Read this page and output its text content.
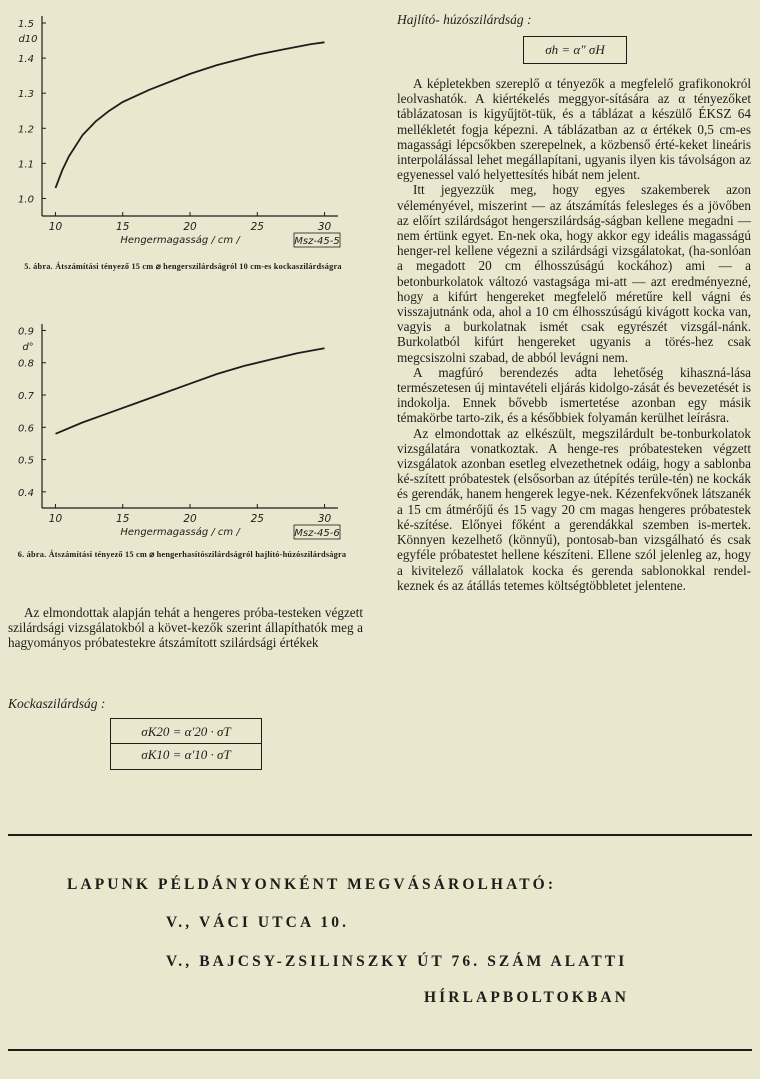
1.0
1.1
1.2
1.3
1.4
1.5
d10
10	15	20	25	30
Hengermagasság / cm /	Msz-45-5
5. ábra. Átszámítási tényező 15 cm ⌀ hengerszilárdságról 10 cm-es kockaszilárdságra
0.4
0.5
0.6
0.7
0.8
0.9
d°
10	15	20	25	30
Hengermagasság / cm /	Msz-45-6
6. ábra. Átszámítási tényező 15 cm ⌀ hengerhasítószilárdságról hajlító-húzószilárdságra

Az elmondottak alapján tehát a hengeres próba-testeken végzett szilárdsági vizsgálatokból a követ-kezők szerint állapíthatók meg a hagyományos próbatestekre átszámított szilárdsági értékek

Kockaszilárdság :
σK20 = α′20 · σT
σK10 = α′10 · σT
Hajlító- húzószilárdság :
σh = α″ σH

A képletekben szereplő α tényezők a megfelelő grafikonokról leolvashatók. A kiértékelés meggyor-sítására az α tényezőket táblázatosan is kigyűjtöt-tük, és a táblázat a készülő ÉKSZ 64 mellékletét fogja képezni. A táblázatban az α értékek 0,5 cm-es magassági lépcsőkben szerepelnek, a közbenső érté-keket lineáris interpolálással lehet megállapítani, ugyanis ilyen kis távolságon az egyenessel való helyettesítés hibát nem jelent.

Itt jegyezzük meg, hogy egyes szakemberek azon véleményével, miszerint — az átszámítás felesleges és a jövőben az előírt szilárdságot hengerszilárdság-ságban kellene megadni — nem értünk egyet. En-nek oka, hogy akkor egy ideális magasságú henger-rel kellene végezni a szilárdsági vizsgálatokat, (ha-sonlóan a megadott 20 cm élhosszúságú kockához) ami — a betonburkolatok változó vastagsága mi-att — azt eredményezné, hogy a kifúrt hengereket megfelelő méretűre kell vágni és visszajutnánk oda, ahol a 10 cm élhosszúságú kivágott kocka van, vagyis a burkolatnak ismét csak egyrészét vizsgál-nánk. Burkolatból kifúrt hengereket ugyanis a törés-hez csak megcsiszolni szabad, de abból levágni nem.

A magfúró berendezés adta lehetőség kihaszná-lása természetesen új mintavételi eljárás kidolgo-zását és bevezetését is indokolja. Ennek bővebb ismertetése azonban egy másik témakörbe tarto-zik, és a későbbiek folyamán kerülhet leírásra.

Az elmondottak az elkészült, megszilárdult be-tonburkolatok vizsgálatára vonatkoztak. A henge-res próbatesteken végzett vizsgálatok azonban esetleg elvezethetnek odáig, hogy a sablonba ké-szített próbatestek (elsősorban az útépítés terüle-tén) ne kockák és gerendák, hanem hengerek legye-nek. Kézenfekvőnek látszanék a 15 cm átmérőjű és 15 vagy 20 cm magas hengeres próbatestek ké-szítése. Előnyei főként a gerendákkal szemben is-mertek. Könnyen kezelhető (könnyű), pontosab-ban vizsgálható és csak egyféle próbatestet hellene készíteni. Ellene szól jelenleg az, hogy a kivitelező vállalatok kocka és gerenda sablonokkal rendel-keznek és az átállás tetemes költségtöbbletet jelentene.

LAPUNK PÉLDÁNYONKÉNT MEGVÁSÁROLHATÓ:
V., VÁCI UTCA 10.
V., BAJCSY-ZSILINSZKY ÚT 76. SZÁM ALATTI
HÍRLAPBOLTOKBAN
